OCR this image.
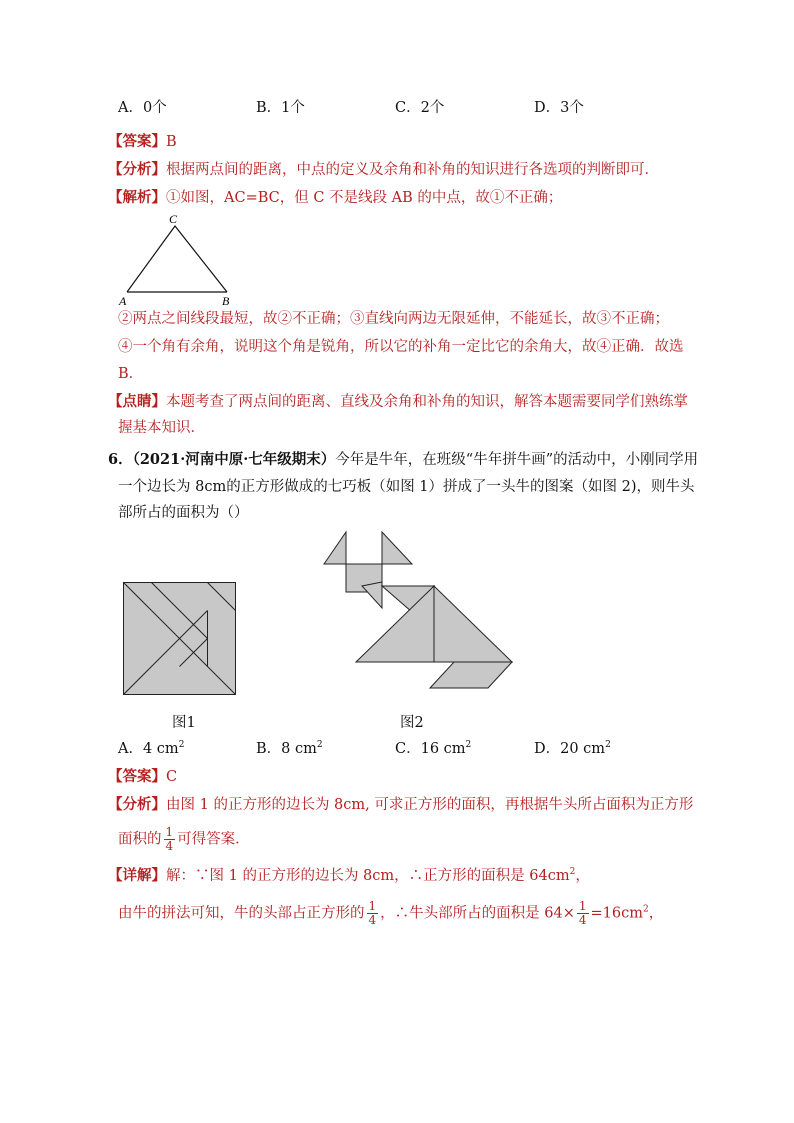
A．0个	B．1个	C．2个	D．3个
【答案】B
【分析】根据两点间的距离，中点的定义及余角和补角的知识进行各选项的判断即可．
【解析】①如图，AC=BC，但 C 不是线段 AB 的中点，故①不正确；
C
A	B
②两点之间线段最短，故②不正确；③直线向两边无限延伸，不能延长，故③不正确；
④一个角有余角，说明这个角是锐角，所以它的补角一定比它的余角大，故④正确．故选
B．
【点睛】本题考查了两点间的距离、直线及余角和补角的知识，解答本题需要同学们熟练掌
握基本知识．
6．（2021·河南中原·七年级期末）今年是牛年，在班级“牛年拼牛画”的活动中，小刚同学用
一个边长为 8cm的正方形做成的七巧板（如图 1）拼成了一头牛的图案（如图 2)，则牛头
部所占的面积为（）
图1	图2
A．4 $cm^2$	B．8 $cm^2$	C．16 $cm^2$	D．20 $cm^2$
【答案】C
【分析】由图 1 的正方形的边长为 8cm, 可求正方形的面积，再根据牛头所占面积为正方形
面积的 $\frac{1}{4}$ 可得答案．
【详解】解：∵图 1 的正方形的边长为 8cm，∴正方形的面积是 $64cm^2$，
由牛的拼法可知，牛的头部占正方形的 $\frac{1}{4}$ ，∴牛头部所占的面积是 $64\times \frac{1}{4} =16cm^2$，
